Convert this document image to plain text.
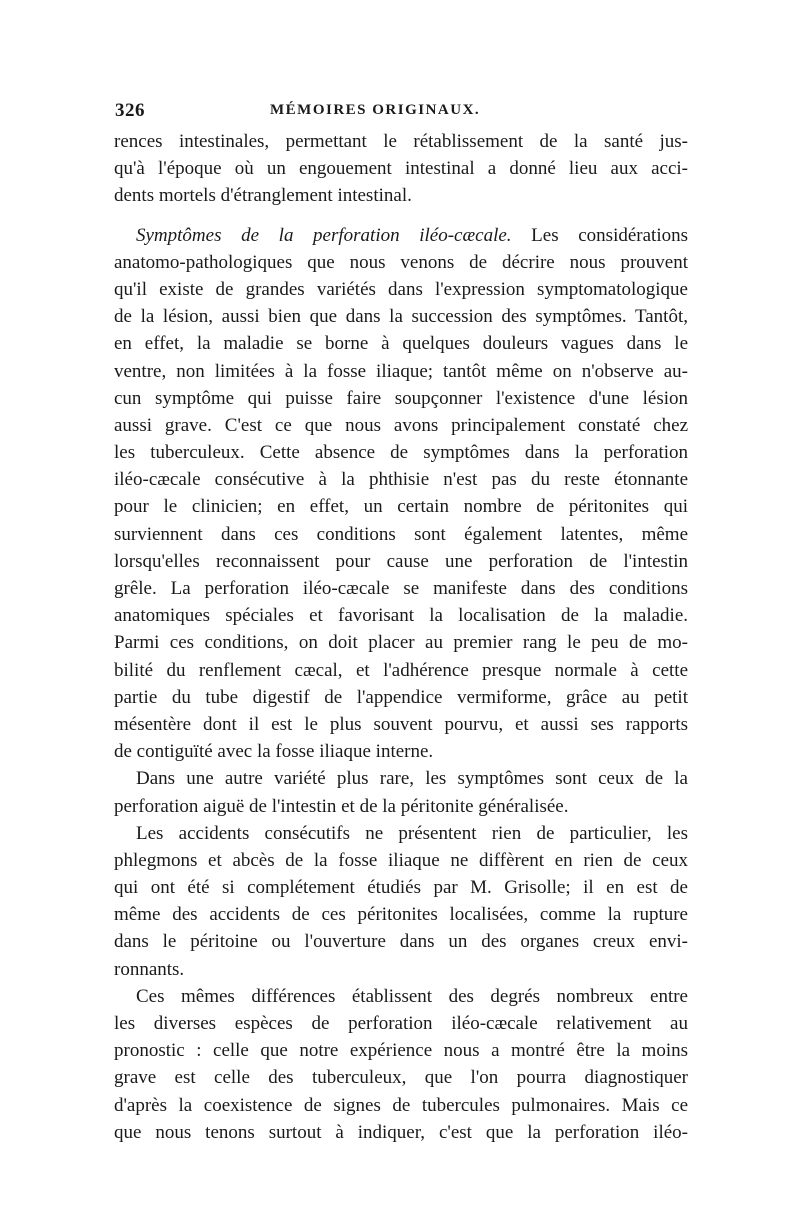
326	MÉMOIRES ORIGINAUX.

rences intestinales, permettant le rétablissement de la santé jus-
qu'à l'époque où un engouement intestinal a donné lieu aux acci-
dents mortels d'étranglement intestinal.

Symptômes de la perforation iléo-cæcale. Les considérations
anatomo-pathologiques que nous venons de décrire nous prouvent
qu'il existe de grandes variétés dans l'expression symptomatologique
de la lésion, aussi bien que dans la succession des symptômes. Tantôt,
en effet, la maladie se borne à quelques douleurs vagues dans le
ventre, non limitées à la fosse iliaque; tantôt même on n'observe au-
cun symptôme qui puisse faire soupçonner l'existence d'une lésion
aussi grave. C'est ce que nous avons principalement constaté chez
les tuberculeux. Cette absence de symptômes dans la perforation
iléo-cæcale consécutive à la phthisie n'est pas du reste étonnante
pour le clinicien; en effet, un certain nombre de péritonites qui
surviennent dans ces conditions sont également latentes, même
lorsqu'elles reconnaissent pour cause une perforation de l'intestin
grêle. La perforation iléo-cæcale se manifeste dans des conditions
anatomiques spéciales et favorisant la localisation de la maladie.
Parmi ces conditions, on doit placer au premier rang le peu de mo-
bilité du renflement cæcal, et l'adhérence presque normale à cette
partie du tube digestif de l'appendice vermiforme, grâce au petit
mésentère dont il est le plus souvent pourvu, et aussi ses rapports
de contiguïté avec la fosse iliaque interne.

Dans une autre variété plus rare, les symptômes sont ceux de la
perforation aiguë de l'intestin et de la péritonite généralisée.

Les accidents consécutifs ne présentent rien de particulier, les
phlegmons et abcès de la fosse iliaque ne diffèrent en rien de ceux
qui ont été si complétement étudiés par M. Grisolle; il en est de
même des accidents de ces péritonites localisées, comme la rupture
dans le péritoine ou l'ouverture dans un des organes creux envi-
ronnants.

Ces mêmes différences établissent des degrés nombreux entre
les diverses espèces de perforation iléo-cæcale relativement au
pronostic : celle que notre expérience nous a montré être la moins
grave est celle des tuberculeux, que l'on pourra diagnostiquer
d'après la coexistence de signes de tubercules pulmonaires. Mais ce
que nous tenons surtout à indiquer, c'est que la perforation iléo-
